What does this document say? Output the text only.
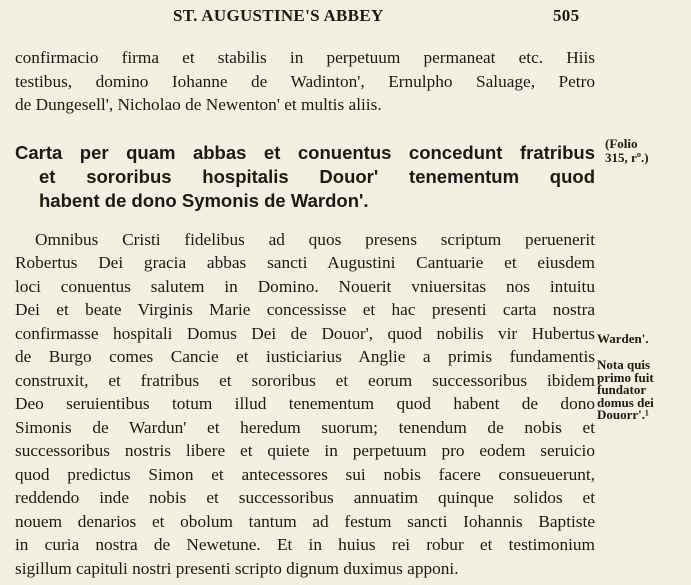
ST. AUGUSTINE'S ABBEY	505

confirmacio firma et stabilis in perpetuum permaneat etc. Hiis
testibus, domino Iohanne de Wadinton', Ernulpho Saluage, Petro
de Dungesell', Nicholao de Newenton' et multis aliis.

Carta per quam abbas et conuentus concedunt fratribus
et sororibus hospitalis Douor' tenementum quod
habent de dono Symonis de Wardon'.

Omnibus Cristi fidelibus ad quos presens scriptum peruenerit
Robertus Dei gracia abbas sancti Augustini Cantuarie et eiusdem
loci conuentus salutem in Domino. Nouerit vniuersitas nos intuitu
Dei et beate Virginis Marie concessisse et hac presenti carta nostra
confirmasse hospitali Domus Dei de Douor', quod nobilis vir Hubertus
de Burgo comes Cancie et iusticiarius Anglie a primis fundamentis
construxit, et fratribus et sororibus et eorum successoribus ibidem
Deo seruientibus totum illud tenementum quod habent de dono
Simonis de Wardun' et heredum suorum; tenendum de nobis et
successoribus nostris libere et quiete in perpetuum pro eodem seruicio
quod predictus Simon et antecessores sui nobis facere consueuerunt,
reddendo inde nobis et successoribus annuatim quinque solidos et
nouem denarios et obolum tantum ad festum sancti Iohannis Baptiste
in curia nostra de Newetune. Et in huius rei robur et testimonium
sigillum capituli nostri presenti scripto dignum duximus apponi.

(Folio
315, rº.)
Warden'.
Nota quis
primo fuit
fundator
domus dei
Douorr'.¹
